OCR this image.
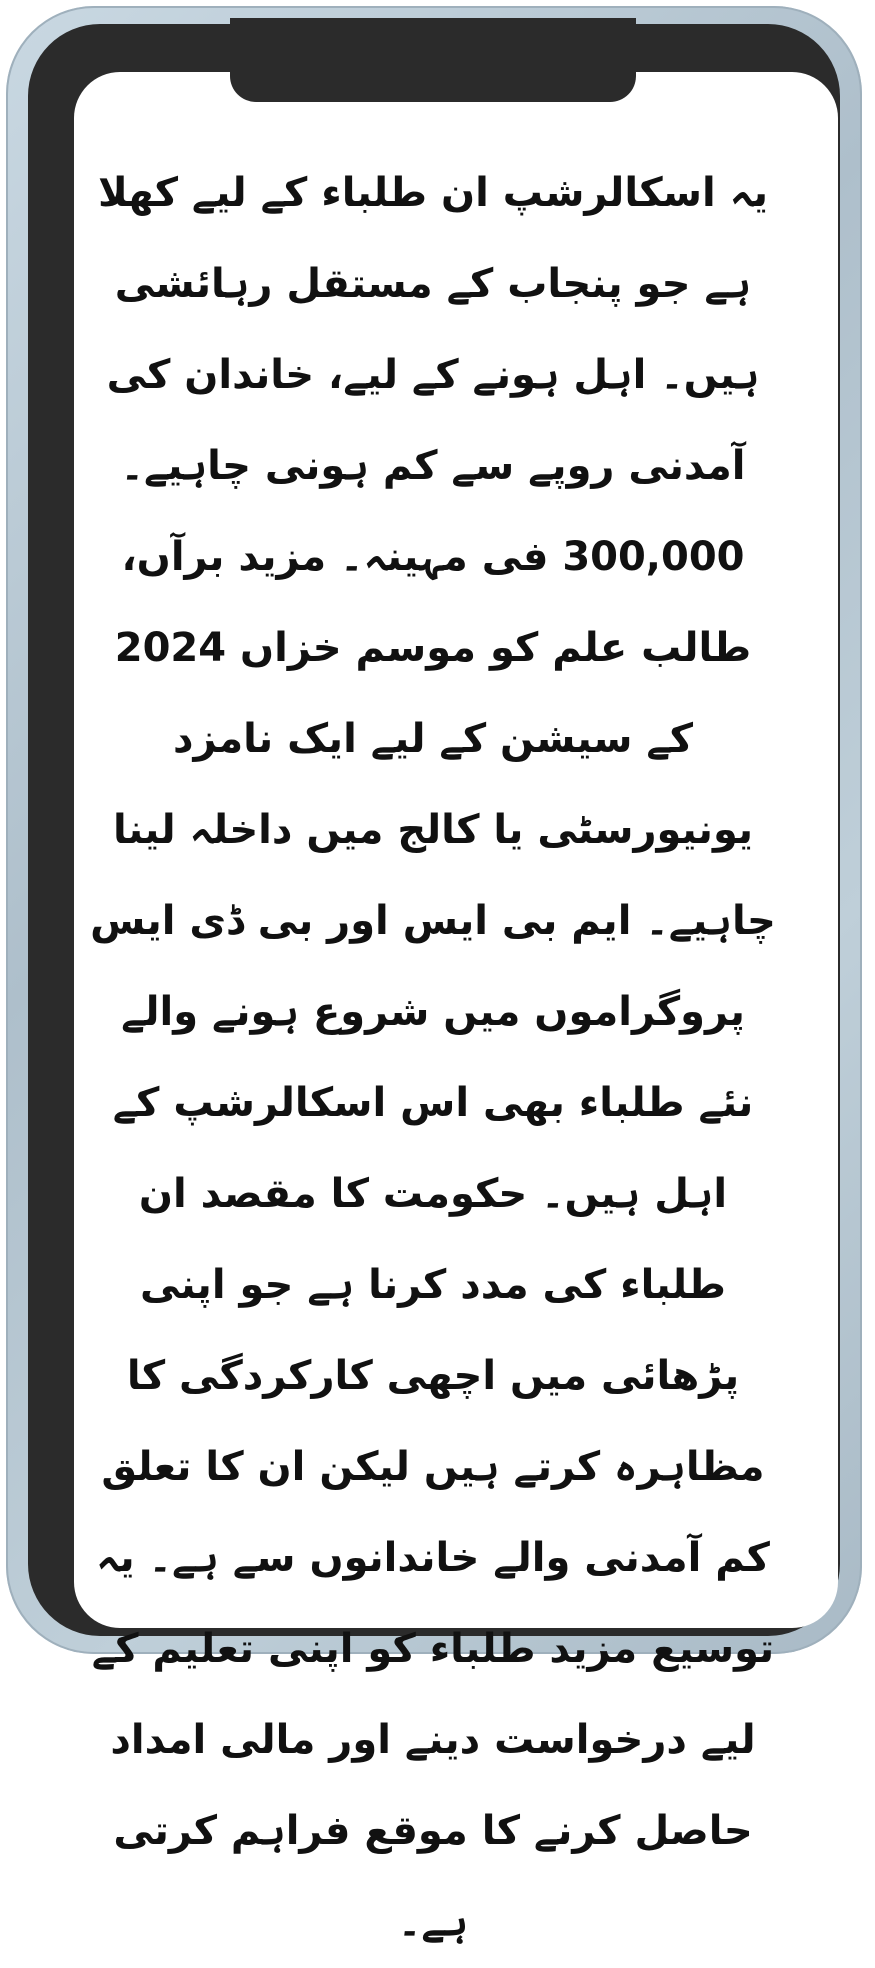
یہ اسکالرشپ ان طلباء کے لیے کھلا ہے جو پنجاب کے مستقل رہائشی ہیں۔ اہل ہونے کے لیے، خاندان کی آمدنی روپے سے کم ہونی چاہیے۔ 300,000 فی مہینہ۔ مزید برآں، طالب علم کو موسم خزاں 2024 کے سیشن کے لیے ایک نامزد یونیورسٹی یا کالج میں داخلہ لینا چاہیے۔ ایم بی ایس اور بی ڈی ایس پروگراموں میں شروع ہونے والے نئے طلباء بھی اس اسکالرشپ کے اہل ہیں۔ حکومت کا مقصد ان طلباء کی مدد کرنا ہے جو اپنی پڑھائی میں اچھی کارکردگی کا مظاہرہ کرتے ہیں لیکن ان کا تعلق کم آمدنی والے خاندانوں سے ہے۔ یہ توسیع مزید طلباء کو اپنی تعلیم کے لیے درخواست دینے اور مالی امداد حاصل کرنے کا موقع فراہم کرتی ہے۔
